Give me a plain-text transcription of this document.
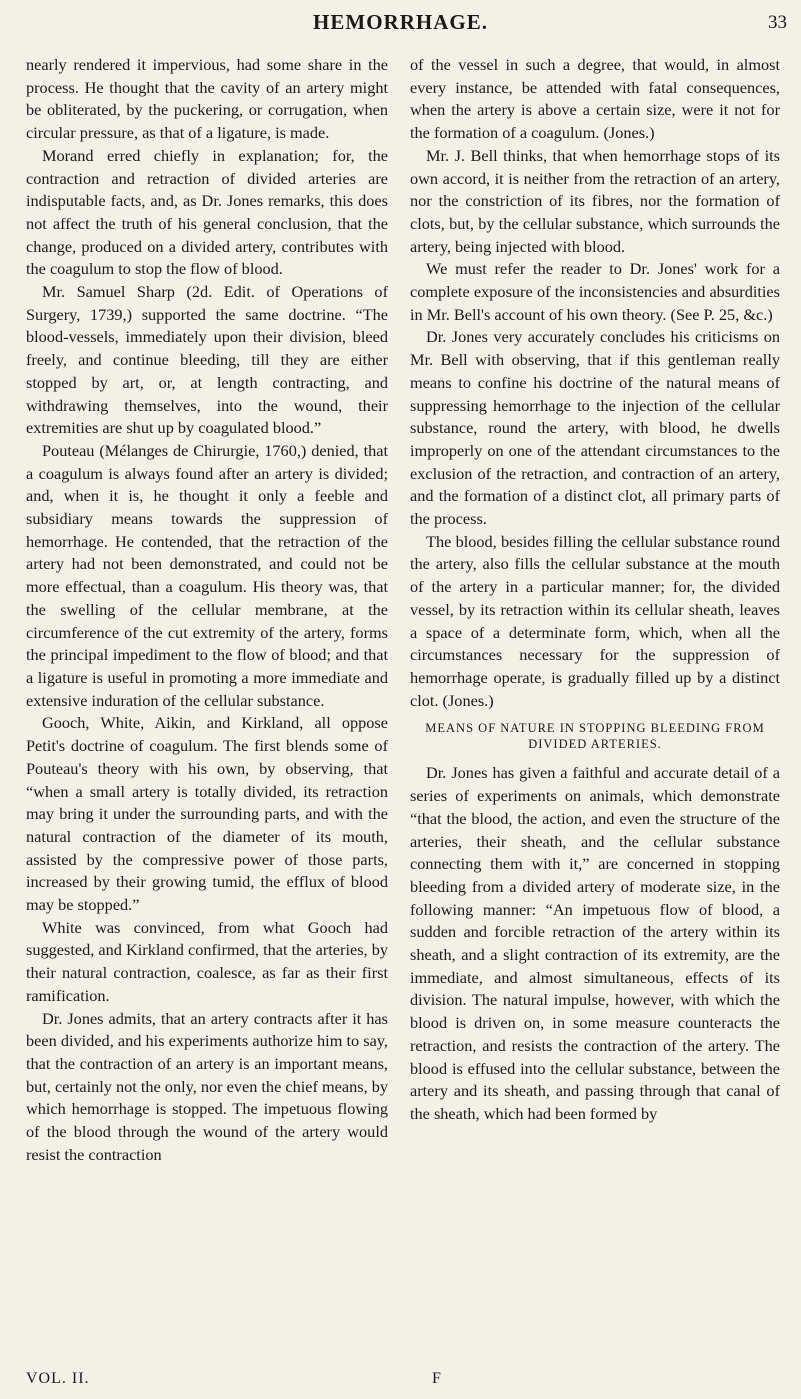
HEMORRHAGE.	33

nearly rendered it impervious, had some share in the process. He thought that the cavity of an artery might be obliterated, by the puckering, or corrugation, when circular pressure, as that of a ligature, is made.

Morand erred chiefly in explanation; for, the contraction and retraction of divided arteries are indisputable facts, and, as Dr. Jones remarks, this does not affect the truth of his general conclusion, that the change, produced on a divided artery, contributes with the coagulum to stop the flow of blood.

Mr. Samuel Sharp (2d. Edit. of Operations of Surgery, 1739,) supported the same doctrine. “The blood-vessels, immediately upon their division, bleed freely, and continue bleeding, till they are either stopped by art, or, at length contracting, and withdrawing themselves, into the wound, their extremities are shut up by coagulated blood.”

Pouteau (Mélanges de Chirurgie, 1760,) denied, that a coagulum is always found after an artery is divided; and, when it is, he thought it only a feeble and subsidiary means towards the suppression of hemorrhage. He contended, that the retraction of the artery had not been demonstrated, and could not be more effectual, than a coagulum. His theory was, that the swelling of the cellular membrane, at the circumference of the cut extremity of the artery, forms the principal impediment to the flow of blood; and that a ligature is useful in promoting a more immediate and extensive induration of the cellular substance.

Gooch, White, Aikin, and Kirkland, all oppose Petit's doctrine of coagulum. The first blends some of Pouteau's theory with his own, by observing, that “when a small artery is totally divided, its retraction may bring it under the surrounding parts, and with the natural contraction of the diameter of its mouth, assisted by the compressive power of those parts, increased by their growing tumid, the efflux of blood may be stopped.”

White was convinced, from what Gooch had suggested, and Kirkland confirmed, that the arteries, by their natural contraction, coalesce, as far as their first ramification.

Dr. Jones admits, that an artery contracts after it has been divided, and his experiments authorize him to say, that the contraction of an artery is an important means, but, certainly not the only, nor even the chief means, by which hemorrhage is stopped. The impetuous flowing of the blood through the wound of the artery would resist the contraction

of the vessel in such a degree, that would, in almost every instance, be attended with fatal consequences, when the artery is above a certain size, were it not for the formation of a coagulum. (Jones.)

Mr. J. Bell thinks, that when hemorrhage stops of its own accord, it is neither from the retraction of an artery, nor the constriction of its fibres, nor the formation of clots, but, by the cellular substance, which surrounds the artery, being injected with blood.

We must refer the reader to Dr. Jones' work for a complete exposure of the inconsistencies and absurdities in Mr. Bell's account of his own theory. (See P. 25, &c.)

Dr. Jones very accurately concludes his criticisms on Mr. Bell with observing, that if this gentleman really means to confine his doctrine of the natural means of suppressing hemorrhage to the injection of the cellular substance, round the artery, with blood, he dwells improperly on one of the attendant circumstances to the exclusion of the retraction, and contraction of an artery, and the formation of a distinct clot, all primary parts of the process.

The blood, besides filling the cellular substance round the artery, also fills the cellular substance at the mouth of the artery in a particular manner; for, the divided vessel, by its retraction within its cellular sheath, leaves a space of a determinate form, which, when all the circumstances necessary for the suppression of hemorrhage operate, is gradually filled up by a distinct clot. (Jones.)

MEANS OF NATURE IN STOPPING BLEEDING FROM DIVIDED ARTERIES.

Dr. Jones has given a faithful and accurate detail of a series of experiments on animals, which demonstrate “that the blood, the action, and even the structure of the arteries, their sheath, and the cellular substance connecting them with it,” are concerned in stopping bleeding from a divided artery of moderate size, in the following manner: “An impetuous flow of blood, a sudden and forcible retraction of the artery within its sheath, and a slight contraction of its extremity, are the immediate, and almost simultaneous, effects of its division. The natural impulse, however, with which the blood is driven on, in some measure counteracts the retraction, and resists the contraction of the artery. The blood is effused into the cellular substance, between the artery and its sheath, and passing through that canal of the sheath, which had been formed by

VOL. II.	F
